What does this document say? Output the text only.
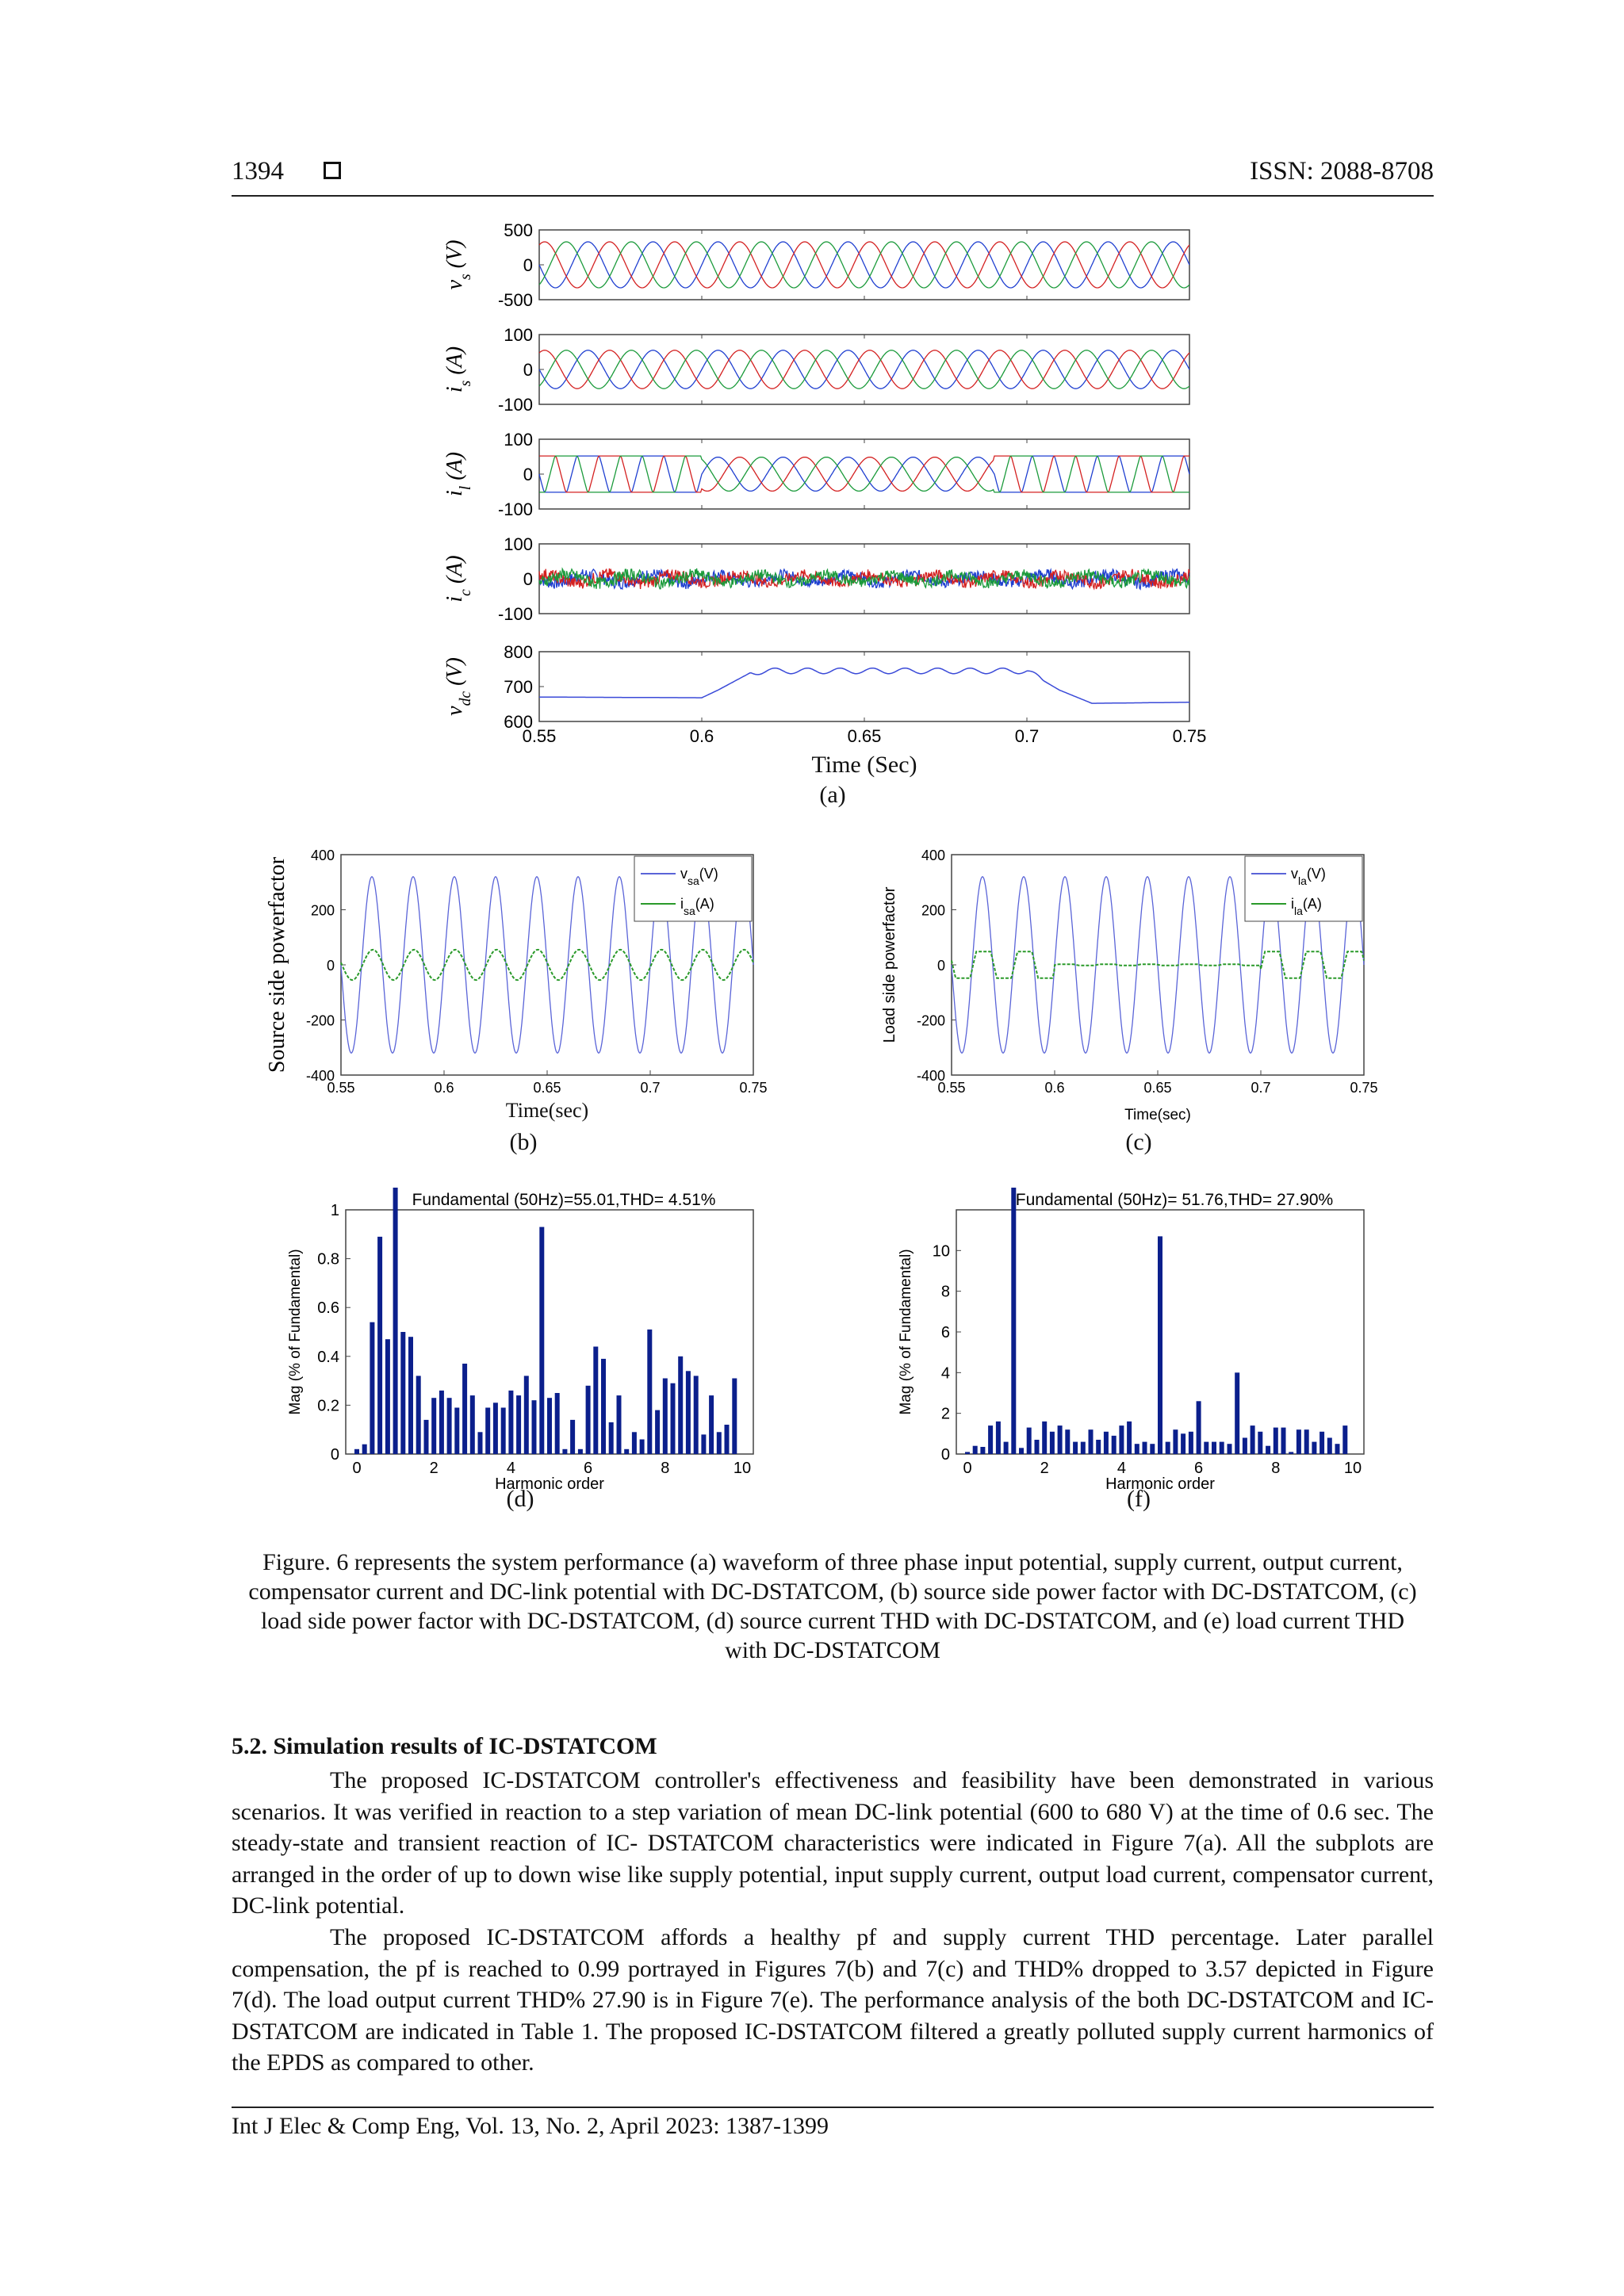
1394	ISSN: 2088-8708
500
0
-500
$v_s$ (V)
100
0
-100
$i_s$ (A)
100
0
-100
$i_l$ (A)
100
0
-100
$i_c$ (A)
800
700
600
$v_{dc}$ (V)
0.55	0.6	0.65	0.7	0.75
Time (Sec)
(a)
400
200
0
-200
-400
0.55	0.6	0.65	0.7	0.75
Source side powerfactor	$v_{sa}(V)$
$i_{sa}(A)$
Time(sec)
(b)
400
200
0
-200
-400
0.55	0.6	0.65	0.7	0.75
Load side powerfactor
$v_{la}(V)$
$i_{la}(A)$
Time(sec)
(c)
1
0.8
0.6
0.4
0.2
0
0	2	4	6	8	10
Harmonic order
Mag (% of Fundamental)
Fundamental (50Hz)=55.01,THD= 4.51%
(d)
10
8
6
4
2
0
0	2	4	6	8	10
Harmonic order
Mag (% of Fundamental)
Fundamental (50Hz)= 51.76,THD= 27.90%
(f)
Figure. 6 represents the system performance (a) waveform of three phase input potential, supply current, output current, compensator current and DC-link potential with DC-DSTATCOM, (b) source side power factor with DC-DSTATCOM, (c) load side power factor with DC-DSTATCOM, (d) source current THD with DC-DSTATCOM, and (e) load current THD with DC-DSTATCOM
5.2. Simulation results of IC-DSTATCOM

The proposed IC-DSTATCOM controller's effectiveness and feasibility have been demonstrated in various scenarios. It was verified in reaction to a step variation of mean DC-link potential (600 to 680 V) at the time of 0.6 sec. The steady-state and transient reaction of IC- DSTATCOM characteristics were indicated in Figure 7(a). All the subplots are arranged in the order of up to down wise like supply potential, input supply current, output load current, compensator current, DC-link potential.

The proposed IC-DSTATCOM affords a healthy pf and supply current THD percentage. Later parallel compensation, the pf is reached to 0.99 portrayed in Figures 7(b) and 7(c) and THD% dropped to 3.57 depicted in Figure 7(d). The load output current THD% 27.90 is in Figure 7(e). The performance analysis of the both DC-DSTATCOM and IC-DSTATCOM are indicated in Table 1. The proposed IC-DSTATCOM filtered a greatly polluted supply current harmonics of the EPDS as compared to other.

Int J Elec & Comp Eng, Vol. 13, No. 2, April 2023: 1387-1399
